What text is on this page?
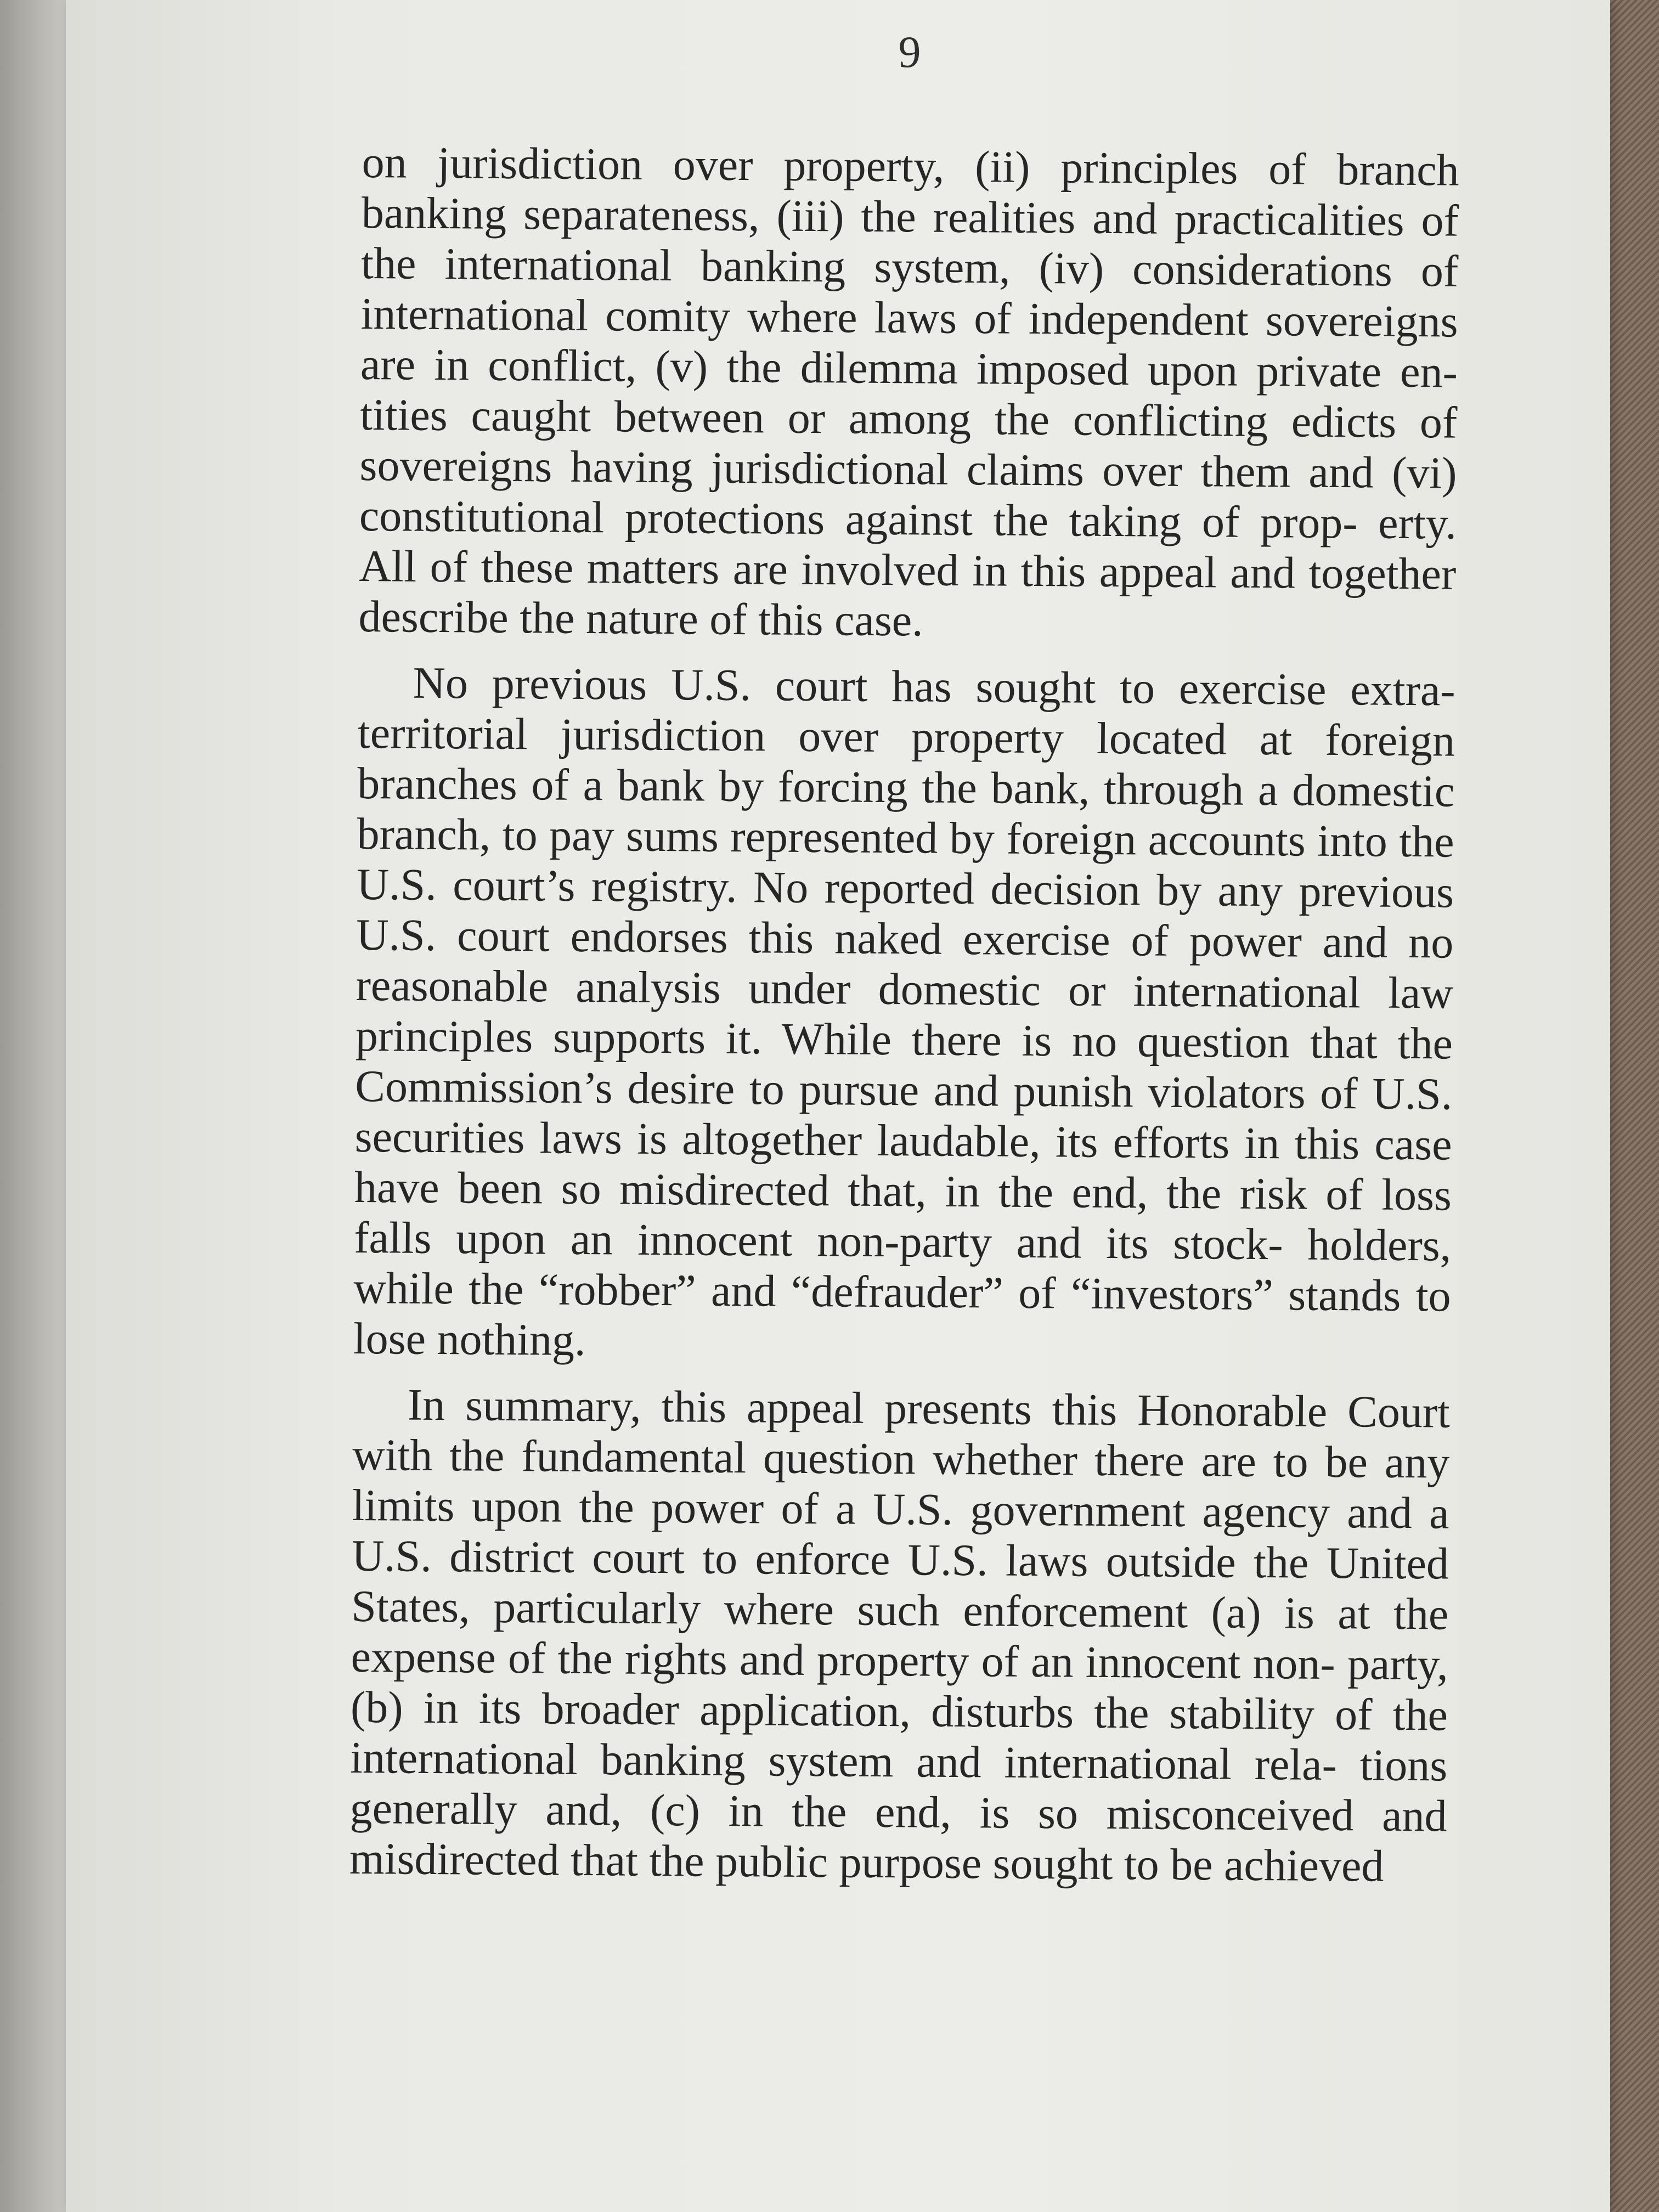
9

on jurisdiction over property, (ii) principles of branch banking separateness, (iii) the realities and practicalities of the international banking system, (iv) considerations of international comity where laws of independent sovereigns are in conflict, (v) the dilemma imposed upon private en- tities caught between or among the conflicting edicts of sovereigns having jurisdictional claims over them and (vi) constitutional protections against the taking of prop- erty. All of these matters are involved in this appeal and together describe the nature of this case.

No previous U.S. court has sought to exercise extra- territorial jurisdiction over property located at foreign branches of a bank by forcing the bank, through a domestic branch, to pay sums represented by foreign accounts into the U.S. court’s registry. No reported decision by any previous U.S. court endorses this naked exercise of power and no reasonable analysis under domestic or international law principles supports it. While there is no question that the Commission’s desire to pursue and punish violators of U.S. securities laws is altogether laudable, its efforts in this case have been so misdirected that, in the end, the risk of loss falls upon an innocent non-party and its stock- holders, while the “robber” and “defrauder” of “investors” stands to lose nothing.

In summary, this appeal presents this Honorable Court with the fundamental question whether there are to be any limits upon the power of a U.S. government agency and a U.S. district court to enforce U.S. laws outside the United States, particularly where such enforcement (a) is at the expense of the rights and property of an innocent non- party, (b) in its broader application, disturbs the stability of the international banking system and international rela- tions generally and, (c) in the end, is so misconceived and misdirected that the public purpose sought to be achieved
